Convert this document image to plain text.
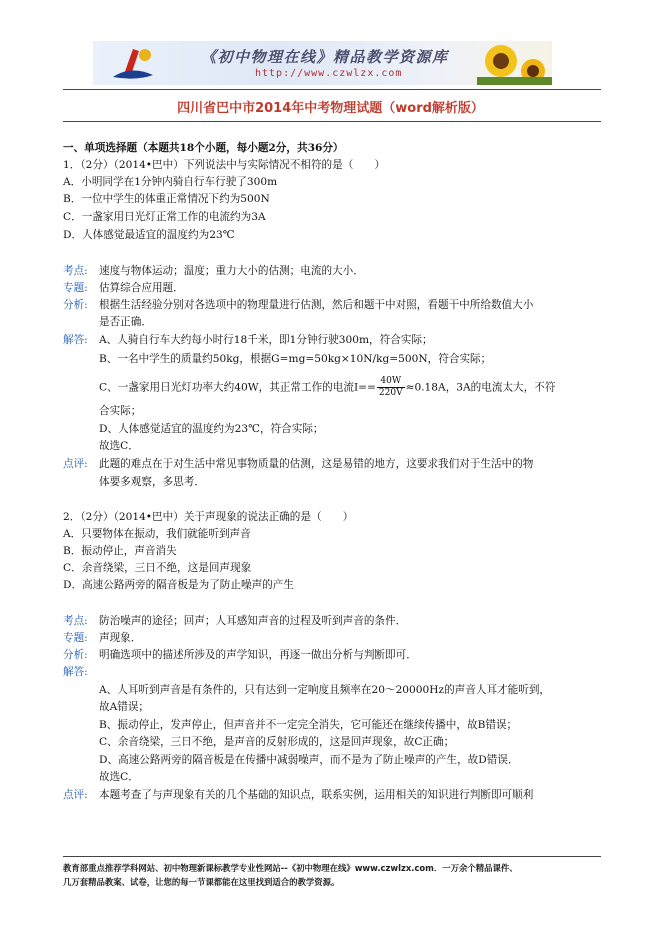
《初中物理在线》精品教学资源库
http://www.czwlzx.com
四川省巴中市2014年中考物理试题（word解析版）
一、单项选择题（本题共18个小题，每小题2分，共36分）
1．（2分）（2014•巴中）下列说法中与实际情况不相符的是（　　）
A．小明同学在1分钟内骑自行车行驶了300m
B．一位中学生的体重正常情况下约为500N
C．一盏家用日光灯正常工作的电流约为3A
D．人体感觉最适宜的温度约为23℃
考点: 速度与物体运动；温度；重力大小的估测；电流的大小．
专题: 估算综合应用题．
分析: 根据生活经验分别对各选项中的物理量进行估测，然后和题干中对照，看题干中所给数值大小
是否正确．
解答: A、人骑自行车大约每小时行18千米，即1分钟行驶300m，符合实际；
B、一名中学生的质量约50kg，根据G=mg=50kg×10N/kg=500N，符合实际；
C、一盏家用日光灯功率大约40W，其正常工作的电流$I== \frac{40W}{220V} \approx 0.18A$，3A的电流太大，不符
合实际；
D、人体感觉适宜的温度约为23℃，符合实际；
故选C．
点评: 此题的难点在于对生活中常见事物质量的估测，这是易错的地方，这要求我们对于生活中的物
体要多观察，多思考．
2．（2分）（2014•巴中）关于声现象的说法正确的是（　　）
A．只要物体在振动，我们就能听到声音
B．振动停止，声音消失
C．余音绕梁，三日不绝，这是回声现象
D．高速公路两旁的隔音板是为了防止噪声的产生
考点: 防治噪声的途径；回声；人耳感知声音的过程及听到声音的条件．
专题: 声现象．
分析: 明确选项中的描述所涉及的声学知识，再逐一做出分析与判断即可．
解答:
A、人耳听到声音是有条件的，只有达到一定响度且频率在20～20000Hz的声音人耳才能听到，
故A错误；
B、振动停止，发声停止，但声音并不一定完全消失，它可能还在继续传播中，故B错误；
C、余音绕梁，三日不绝，是声音的反射形成的，这是回声现象，故C正确；
D、高速公路两旁的隔音板是在传播中减弱噪声，而不是为了防止噪声的产生，故D错误．
故选C．
点评: 本题考查了与声现象有关的几个基础的知识点，联系实例，运用相关的知识进行判断即可顺利
教育部重点推荐学科网站、初中物理新课标教学专业性网站--《初中物理在线》www.czwlzx.com．一万余个精品课件、
几万套精品教案、试卷，让您的每一节课都能在这里找到适合的教学资源。
